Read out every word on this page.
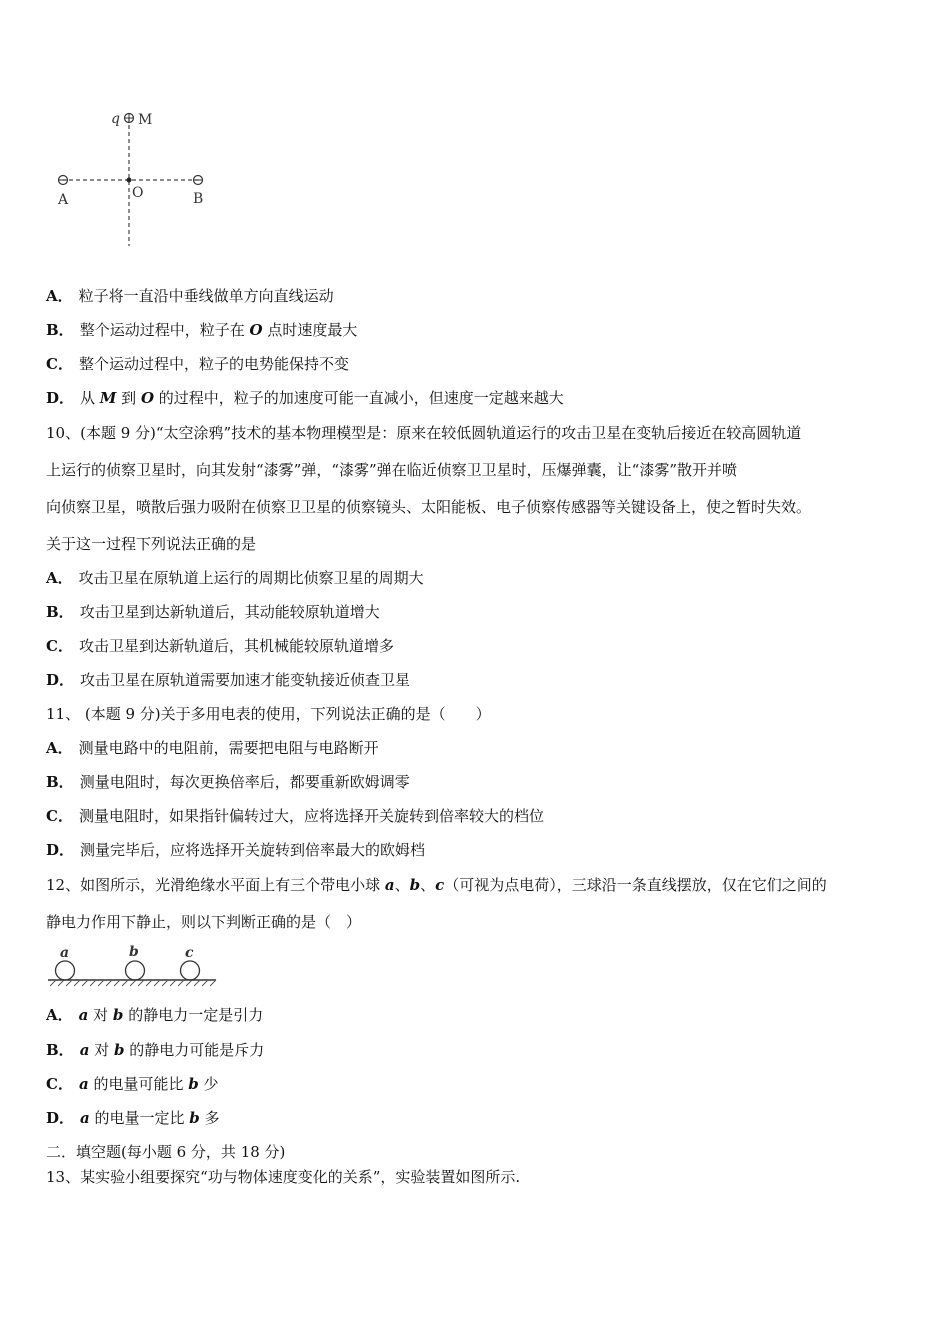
q M
O
A	B
A． 粒子将一直沿中垂线做单方向直线运动
B． 整个运动过程中，粒子在 O 点时速度最大
C． 整个运动过程中，粒子的电势能保持不变
D． 从 M 到 O 的过程中，粒子的加速度可能一直减小，但速度一定越来越大
10、(本题 9 分)“太空涂鸦”技术的基本物理模型是：原来在较低圆轨道运行的攻击卫星在变轨后接近在较高圆轨道
上运行的侦察卫星时，向其发射“漆雾”弹，“漆雾”弹在临近侦察卫卫星时，压爆弹囊，让“漆雾”散开并喷
向侦察卫星，喷散后强力吸附在侦察卫卫星的侦察镜头、太阳能板、电子侦察传感器等关键设备上，使之暂时失效。
关于这一过程下列说法正确的是
A． 攻击卫星在原轨道上运行的周期比侦察卫星的周期大
B． 攻击卫星到达新轨道后，其动能较原轨道增大
C． 攻击卫星到达新轨道后，其机械能较原轨道增多
D． 攻击卫星在原轨道需要加速才能变轨接近侦查卫星
11、 (本题 9 分)关于多用电表的使用，下列说法正确的是（　　）
A． 测量电路中的电阻前，需要把电阻与电路断开
B． 测量电阻时，每次更换倍率后，都要重新欧姆调零
C． 测量电阻时，如果指针偏转过大，应将选择开关旋转到倍率较大的档位
D． 测量完毕后，应将选择开关旋转到倍率最大的欧姆档
12、如图所示，光滑绝缘水平面上有三个带电小球 a、b、c（可视为点电荷），三球沿一条直线摆放，仅在它们之间的
静电力作用下静止，则以下判断正确的是（　）
a	b	c
A． a 对 b 的静电力一定是引力
B． a 对 b 的静电力可能是斥力
C． a 的电量可能比 b 少
D． a 的电量一定比 b 多
二．填空题(每小题 6 分，共 18 分)
13、某实验小组要探究“功与物体速度变化的关系”，实验装置如图所示.
